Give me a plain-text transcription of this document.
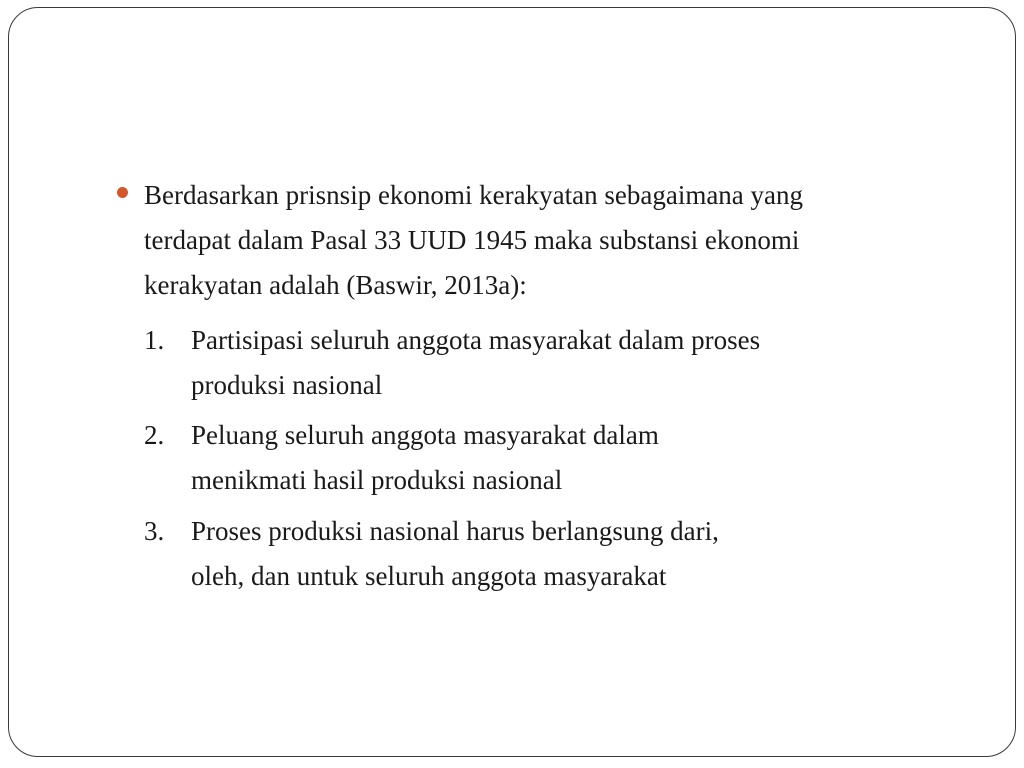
Berdasarkan prisnsip ekonomi kerakyatan sebagaimana yang
terdapat dalam Pasal 33 UUD 1945 maka substansi ekonomi
kerakyatan adalah (Baswir, 2013a):

1. Partisipasi seluruh anggota masyarakat dalam proses
produksi nasional
2. Peluang seluruh anggota masyarakat dalam
menikmati hasil produksi nasional
3. Proses produksi nasional harus berlangsung dari,
oleh, dan untuk seluruh anggota masyarakat
